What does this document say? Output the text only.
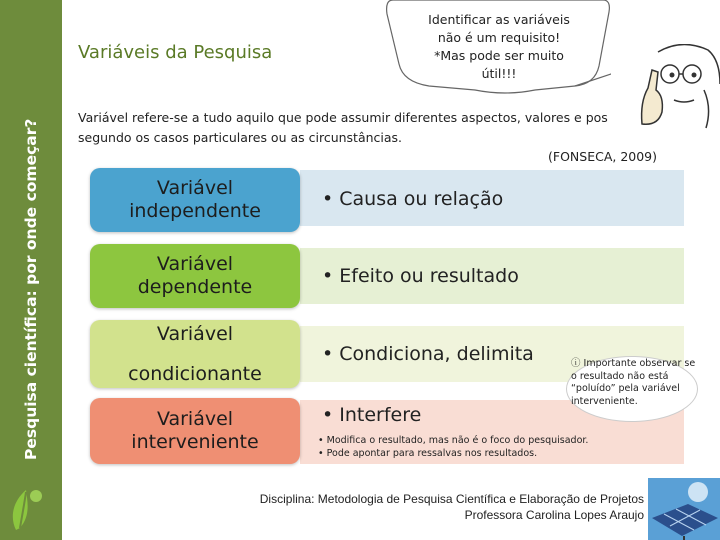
Pesquisa científica: por onde começar?
Variáveis da Pesquisa
Identificar as variáveis
não é um requisito!
*Mas pode ser muito
útil!!!
Variável refere-se a tudo aquilo que pode assumir diferentes aspectos, valores e pos
segundo os casos particulares ou as circunstâncias.
(FONSECA, 2009)
Variável
independente
Variável
dependente
Variável
condicionante
Variável
interveniente
• Causa ou relação
• Efeito ou resultado
• Condiciona, delimita
• Interfere
• Modifica o resultado, mas não é o foco do pesquisador.
• Pode apontar para ressalvas nos resultados.
ⓘ Importante observar se o resultado não está “poluído” pela variável interveniente.
Disciplina: Metodologia de Pesquisa Científica e Elaboração de Projetos
Professora Carolina Lopes Araujo
